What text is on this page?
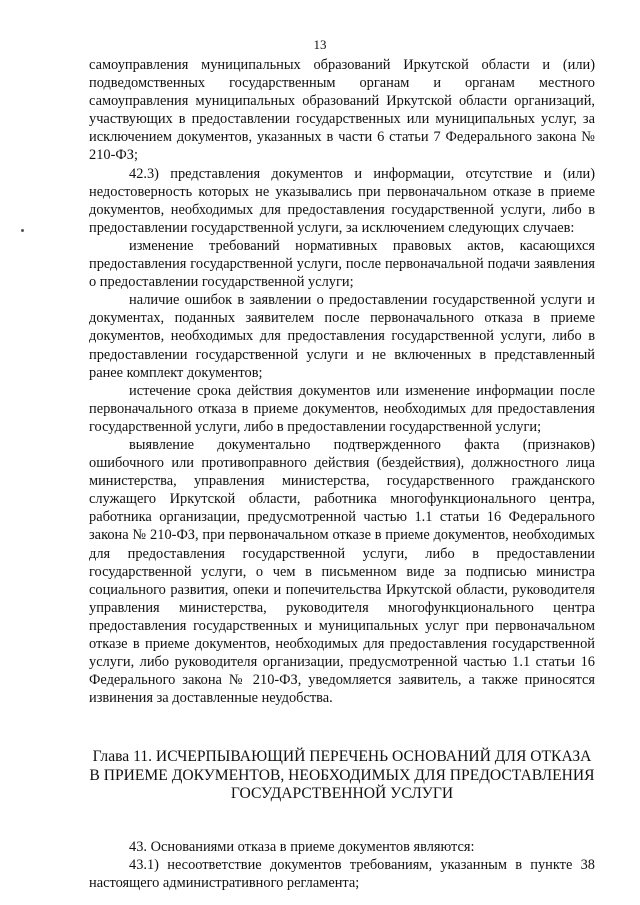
13

самоуправления муниципальных образований Иркутской области и (или) подведомственных государственным органам и органам местного самоуправления муниципальных образований Иркутской области организаций, участвующих в предоставлении государственных или муниципальных услуг, за исключением документов, указанных в части 6 статьи 7 Федерального закона № 210-ФЗ;

42.3) представления документов и информации, отсутствие и (или) недостоверность которых не указывались при первоначальном отказе в приеме документов, необходимых для предоставления государственной услуги, либо в предоставлении государственной услуги, за исключением следующих случаев:

изменение требований нормативных правовых актов, касающихся предоставления государственной услуги, после первоначальной подачи заявления о предоставлении государственной услуги;

наличие ошибок в заявлении о предоставлении государственной услуги и документах, поданных заявителем после первоначального отказа в приеме документов, необходимых для предоставления государственной услуги, либо в предоставлении государственной услуги и не включенных в представленный ранее комплект документов;

истечение срока действия документов или изменение информации после первоначального отказа в приеме документов, необходимых для предоставления государственной услуги, либо в предоставлении государственной услуги;

выявление документально подтвержденного факта (признаков) ошибочного или противоправного действия (бездействия), должностного лица министерства, управления министерства, государственного гражданского служащего Иркутской области, работника многофункционального центра, работника организации, предусмотренной частью 1.1 статьи 16 Федерального закона № 210-ФЗ, при первоначальном отказе в приеме документов, необходимых для предоставления государственной услуги, либо в предоставлении государственной услуги, о чем в письменном виде за подписью министра социального развития, опеки и попечительства Иркутской области, руководителя управления министерства, руководителя многофункционального центра предоставления государственных и муниципальных услуг при первоначальном отказе в приеме документов, необходимых для предоставления государственной услуги, либо руководителя организации, предусмотренной частью 1.1 статьи 16 Федерального закона № 210-ФЗ, уведомляется заявитель, а также приносятся извинения за доставленные неудобства.

Глава 11. ИСЧЕРПЫВАЮЩИЙ ПЕРЕЧЕНЬ ОСНОВАНИЙ ДЛЯ ОТКАЗА
В ПРИЕМЕ ДОКУМЕНТОВ, НЕОБХОДИМЫХ ДЛЯ ПРЕДОСТАВЛЕНИЯ
ГОСУДАРСТВЕННОЙ УСЛУГИ

43. Основаниями отказа в приеме документов являются:

43.1) несоответствие документов требованиям, указанным в пункте 38 настоящего административного регламента;
